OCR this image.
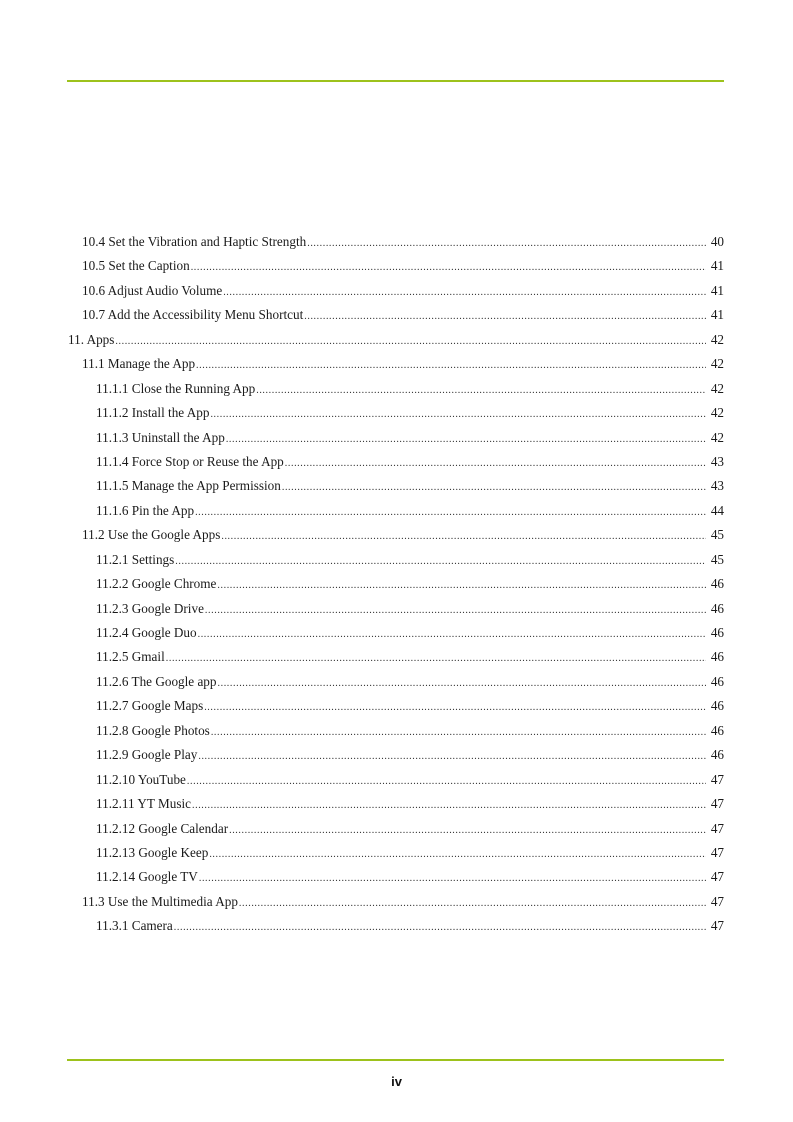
10.4 Set the Vibration and Haptic Strength .....	40
10.5 Set the Caption .....	41
10.6 Adjust Audio Volume .....	41
10.7 Add the Accessibility Menu Shortcut .....	41
11. Apps .....	42
11.1 Manage the App .....	42
11.1.1 Close the Running App .....	42
11.1.2 Install the App .....	42
11.1.3 Uninstall the App .....	42
11.1.4 Force Stop or Reuse the App .....	43
11.1.5 Manage the App Permission .....	43
11.1.6 Pin the App .....	44
11.2 Use the Google Apps .....	45
11.2.1 Settings .....	45
11.2.2 Google Chrome .....	46
11.2.3 Google Drive .....	46
11.2.4 Google Duo .....	46
11.2.5 Gmail .....	46
11.2.6 The Google app .....	46
11.2.7 Google Maps .....	46
11.2.8 Google Photos .....	46
11.2.9 Google Play .....	46
11.2.10 YouTube .....	47
11.2.11 YT Music .....	47
11.2.12 Google Calendar .....	47
11.2.13 Google Keep .....	47
11.2.14 Google TV .....	47
11.3 Use the Multimedia App .....	47
11.3.1 Camera .....	47
iv
